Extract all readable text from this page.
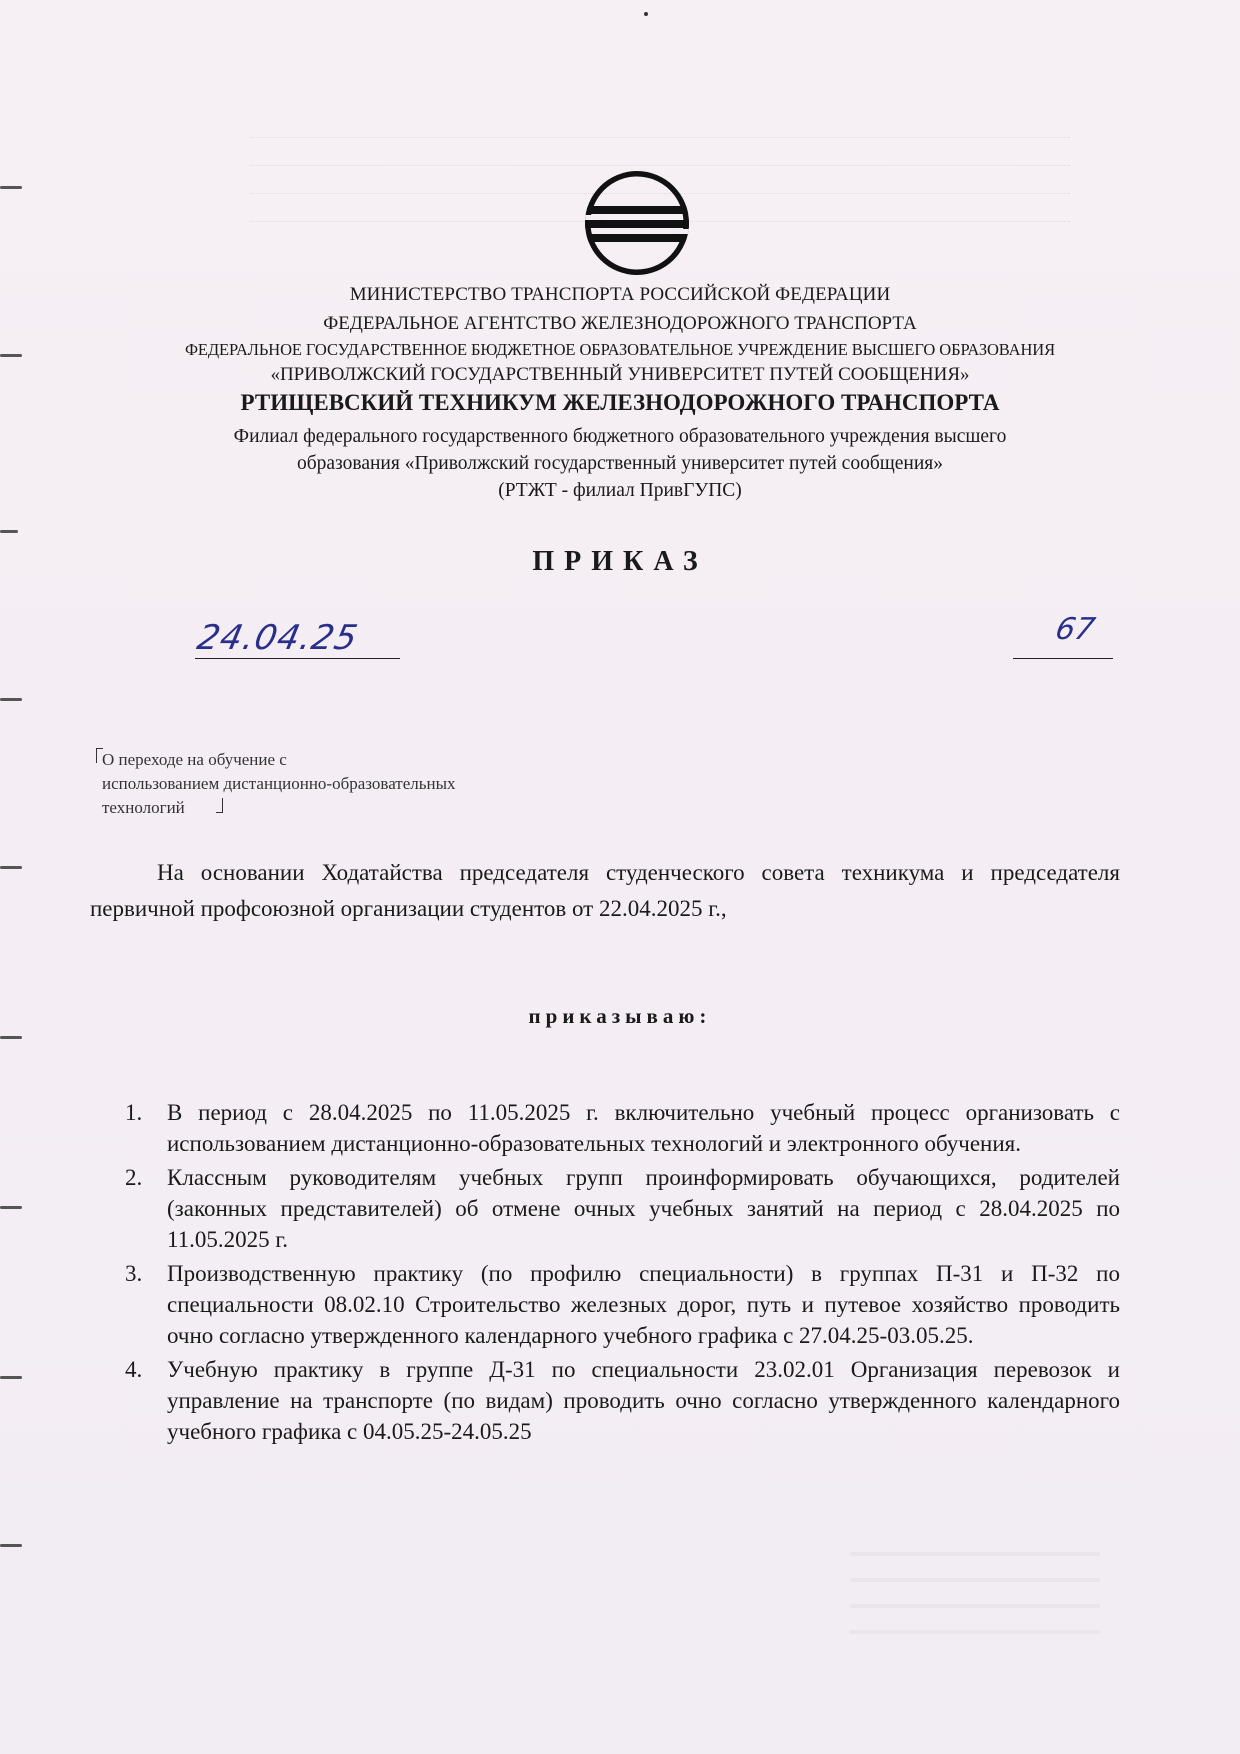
МИНИСТЕРСТВО ТРАНСПОРТА РОССИЙСКОЙ ФЕДЕРАЦИИ
ФЕДЕРАЛЬНОЕ АГЕНТСТВО ЖЕЛЕЗНОДОРОЖНОГО ТРАНСПОРТА
ФЕДЕРАЛЬНОЕ ГОСУДАРСТВЕННОЕ БЮДЖЕТНОЕ ОБРАЗОВАТЕЛЬНОЕ УЧРЕЖДЕНИЕ ВЫСШЕГО ОБРАЗОВАНИЯ
«ПРИВОЛЖСКИЙ ГОСУДАРСТВЕННЫЙ УНИВЕРСИТЕТ ПУТЕЙ СООБЩЕНИЯ»
РТИЩЕВСКИЙ ТЕХНИКУМ ЖЕЛЕЗНОДОРОЖНОГО ТРАНСПОРТА
Филиал федерального государственного бюджетного образовательного учреждения высшего
образования «Приволжский государственный университет путей сообщения»
(РТЖТ - филиал ПривГУПС)
ПРИКАЗ
24.04.25	67
О переходе на обучение с
использованием дистанционно-образовательных
технологий
На основании Ходатайства председателя студенческого совета техникума и председателя первичной профсоюзной организации студентов от 22.04.2025 г.,
приказываю:
1. В период с 28.04.2025 по 11.05.2025 г. включительно учебный процесс организовать с использованием дистанционно-образовательных технологий и электронного обучения.
2. Классным руководителям учебных групп проинформировать обучающихся, родителей (законных представителей) об отмене очных учебных занятий на период с 28.04.2025 по 11.05.2025 г.
3. Производственную практику (по профилю специальности) в группах П-31 и П-32 по специальности 08.02.10 Строительство железных дорог, путь и путевое хозяйство проводить очно согласно утвержденного календарного учебного графика с 27.04.25-03.05.25.
4. Учебную практику в группе Д-31 по специальности 23.02.01 Организация перевозок и управление на транспорте (по видам) проводить очно согласно утвержденного календарного учебного графика с 04.05.25-24.05.25
